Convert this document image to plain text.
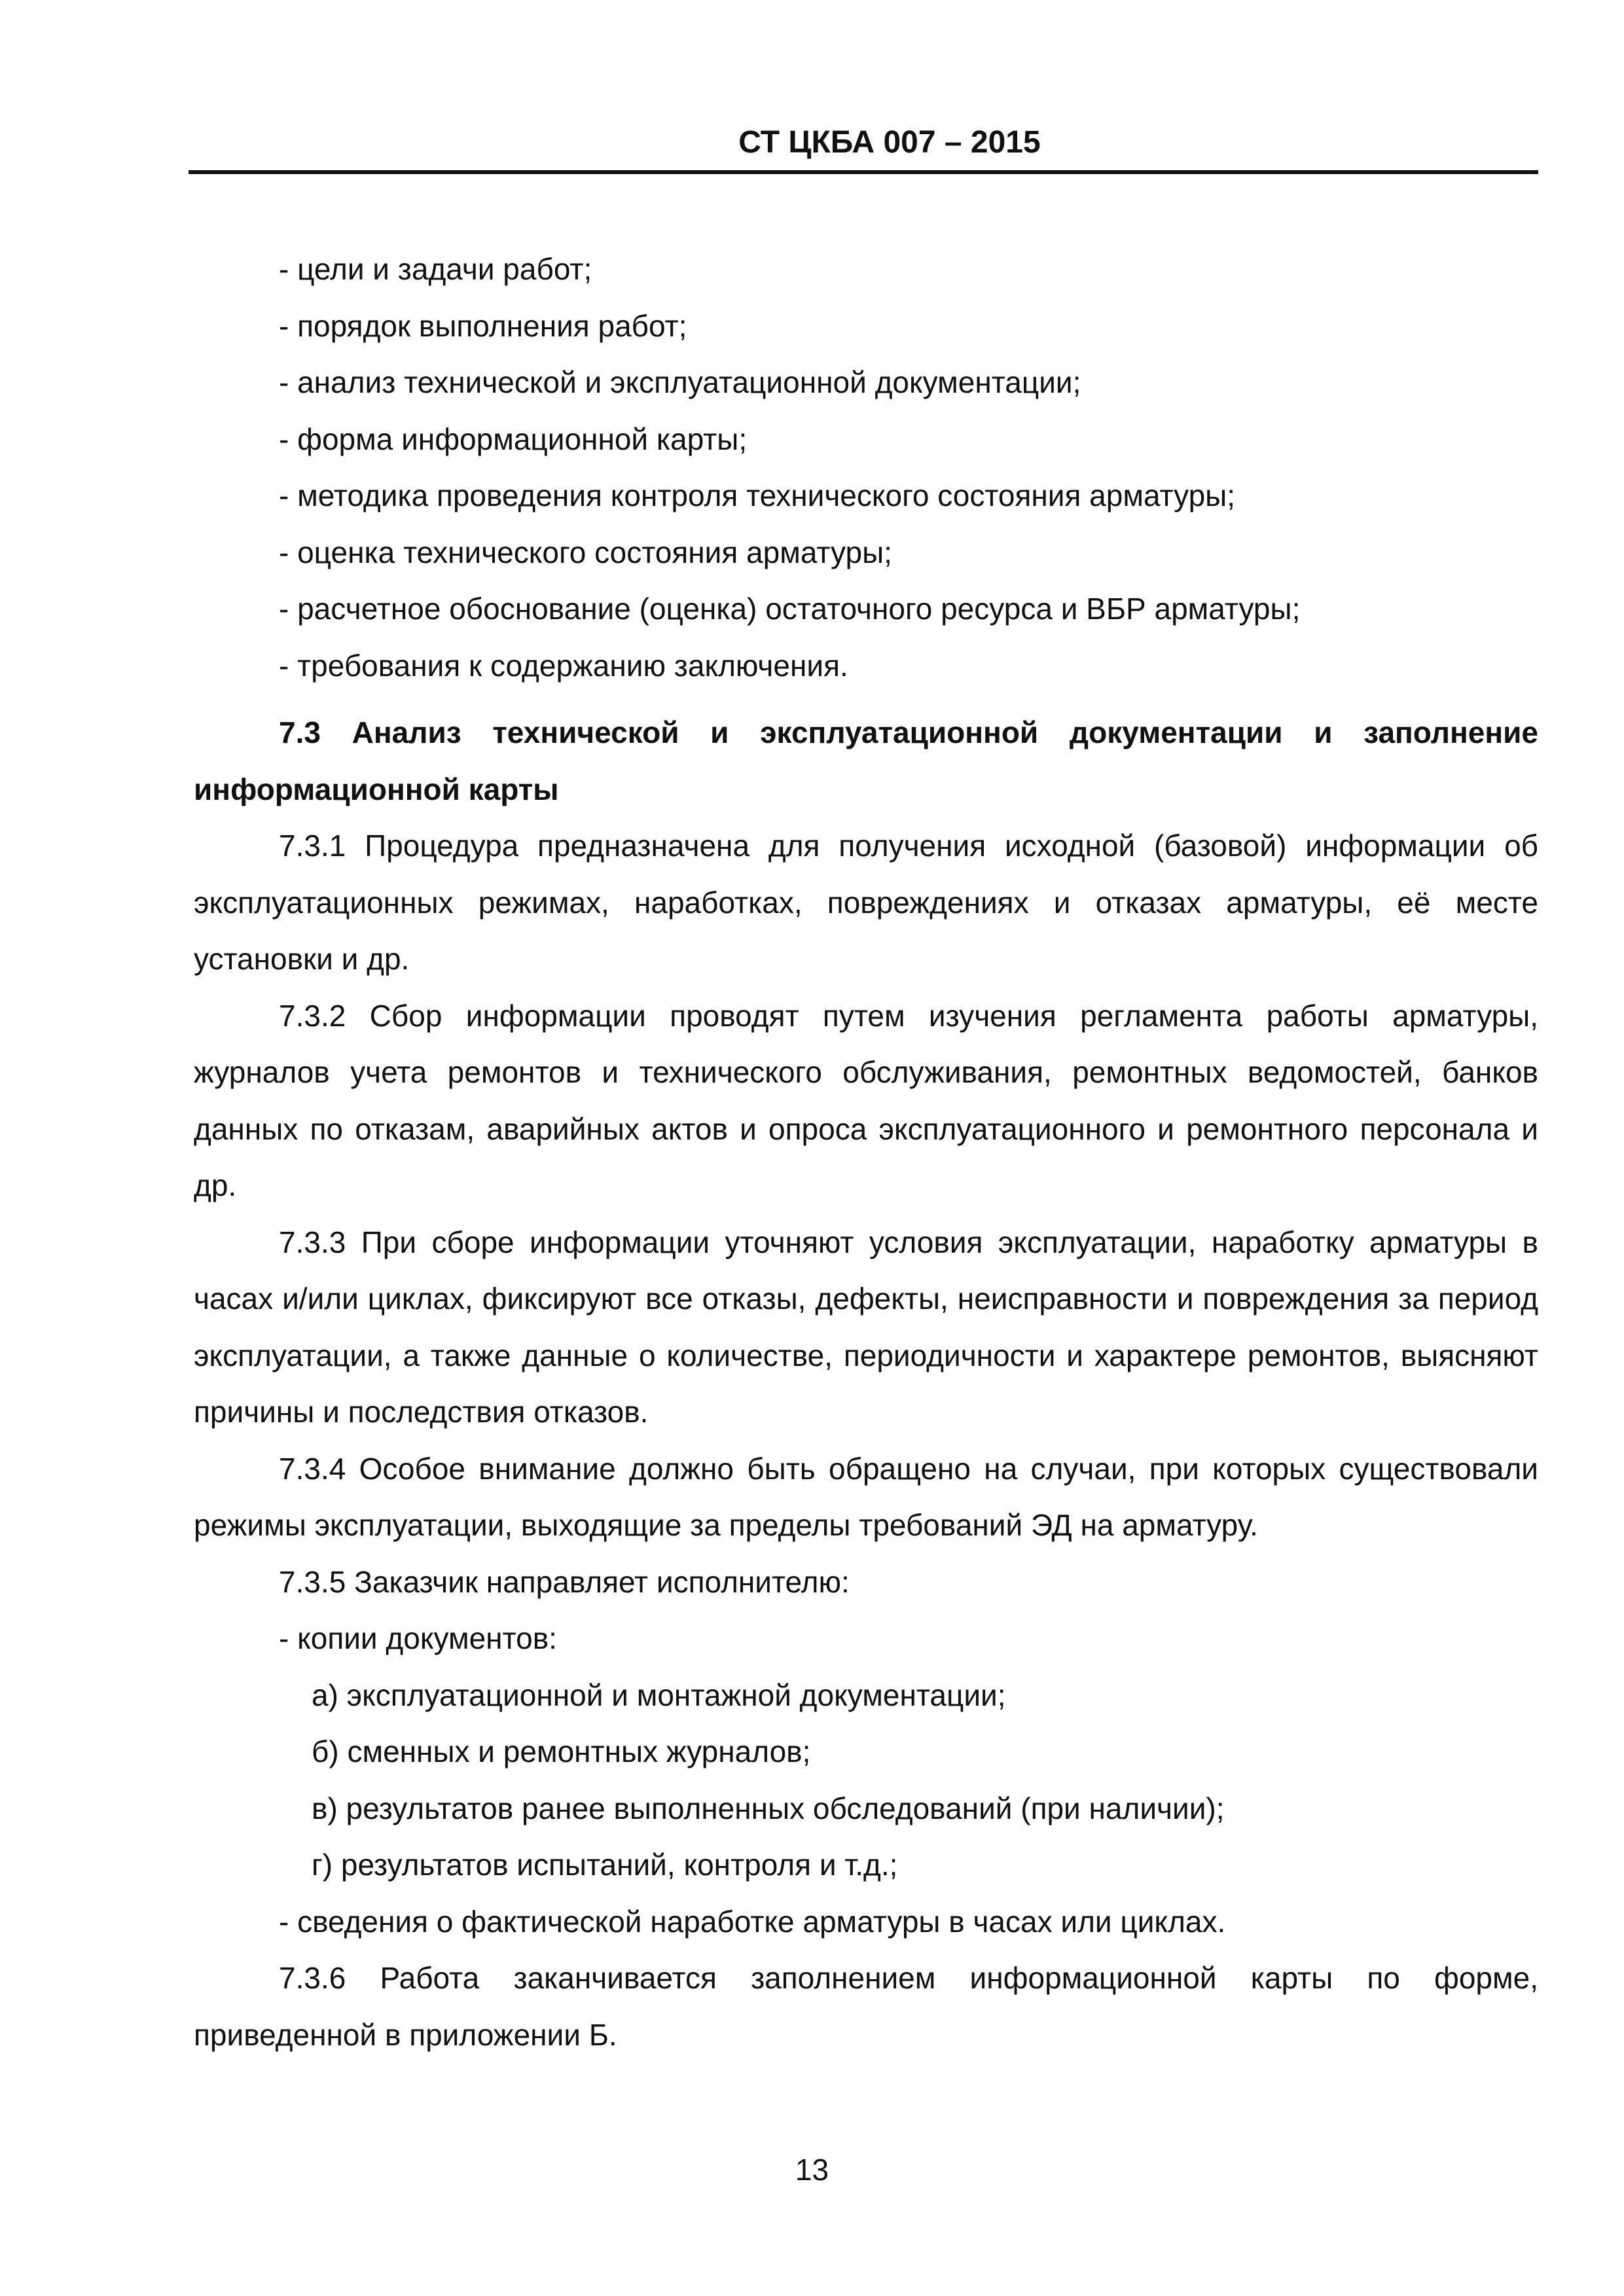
СТ ЦКБА 007 – 2015

- цели и задачи работ;

- порядок выполнения работ;

- анализ технической и эксплуатационной документации;

- форма информационной карты;

- методика проведения контроля технического состояния арматуры;

- оценка технического состояния арматуры;

- расчетное обоснование (оценка) остаточного ресурса и ВБР арматуры;

- требования к содержанию заключения.

7.3 Анализ технической и эксплуатационной документации и заполнение информационной карты

7.3.1 Процедура предназначена для получения исходной (базовой) информации об эксплуатационных режимах, наработках, повреждениях и отказах арматуры, её месте установки и др.

7.3.2 Сбор информации проводят путем изучения регламента работы арматуры, журналов учета ремонтов и технического обслуживания, ремонтных ведомостей, банков данных по отказам, аварийных актов и опроса эксплуатационного и ремонтного персонала и др.

7.3.3 При сборе информации уточняют условия эксплуатации, наработку арматуры в часах и/или циклах, фиксируют все отказы, дефекты, неисправности и повреждения за период эксплуатации, а также данные о количестве, периодичности и характере ремонтов, выясняют причины и последствия отказов.

7.3.4 Особое внимание должно быть обращено на случаи, при которых существовали режимы эксплуатации, выходящие за пределы требований ЭД на арматуру.

7.3.5 Заказчик направляет исполнителю:

- копии документов:

а) эксплуатационной и монтажной документации;

б) сменных и ремонтных журналов;

в) результатов ранее выполненных обследований (при наличии);

г) результатов испытаний, контроля и т.д.;

- сведения о фактической наработке арматуры в часах или циклах.

7.3.6 Работа заканчивается заполнением информационной карты по форме, приведенной в приложении Б.

13
